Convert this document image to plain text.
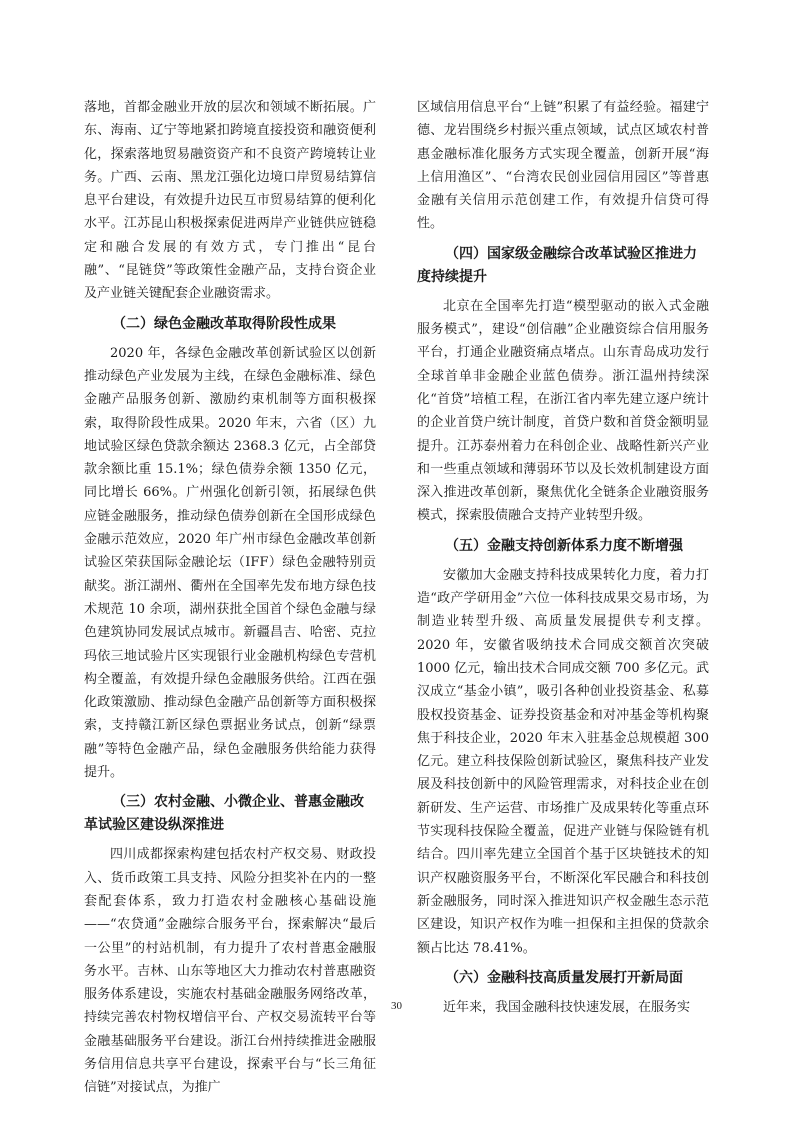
落地，首都金融业开放的层次和领域不断拓展。广东、海南、辽宁等地紧扣跨境直接投资和融资便利化，探索落地贸易融资资产和不良资产跨境转让业务。广西、云南、黑龙江强化边境口岸贸易结算信息平台建设，有效提升边民互市贸易结算的便利化水平。江苏昆山积极探索促进两岸产业链供应链稳定和融合发展的有效方式，专门推出“昆台融”、“昆链贷”等政策性金融产品，支持台资企业及产业链关键配套企业融资需求。

（二）绿色金融改革取得阶段性成果

2020 年，各绿色金融改革创新试验区以创新推动绿色产业发展为主线，在绿色金融标准、绿色金融产品服务创新、激励约束机制等方面积极探索，取得阶段性成果。2020 年末，六省（区）九地试验区绿色贷款余额达 2368.3 亿元，占全部贷款余额比重 15.1%；绿色债券余额 1350 亿元，同比增长 66%。广州强化创新引领，拓展绿色供应链金融服务，推动绿色债券创新在全国形成绿色金融示范效应，2020 年广州市绿色金融改革创新试验区荣获国际金融论坛（IFF）绿色金融特别贡献奖。浙江湖州、衢州在全国率先发布地方绿色技术规范 10 余项，湖州获批全国首个绿色金融与绿色建筑协同发展试点城市。新疆昌吉、哈密、克拉玛依三地试验片区实现银行业金融机构绿色专营机构全覆盖，有效提升绿色金融服务供给。江西在强化政策激励、推动绿色金融产品创新等方面积极探索，支持赣江新区绿色票据业务试点，创新“绿票融”等特色金融产品，绿色金融服务供给能力获得提升。

（三）农村金融、小微企业、普惠金融改革试验区建设纵深推进

四川成都探索构建包括农村产权交易、财政投入、货币政策工具支持、风险分担奖补在内的一整套配套体系，致力打造农村金融核心基础设施——“农贷通”金融综合服务平台，探索解决“最后一公里”的村站机制，有力提升了农村普惠金融服务水平。吉林、山东等地区大力推动农村普惠融资服务体系建设，实施农村基础金融服务网络改革，持续完善农村物权增信平台、产权交易流转平台等金融基础服务平台建设。浙江台州持续推进金融服务信用信息共享平台建设，探索平台与“长三角征信链”对接试点，为推广

区域信用信息平台“上链”积累了有益经验。福建宁德、龙岩围绕乡村振兴重点领域，试点区域农村普惠金融标准化服务方式实现全覆盖，创新开展“海上信用渔区”、“台湾农民创业园信用园区”等普惠金融有关信用示范创建工作，有效提升信贷可得性。

（四）国家级金融综合改革试验区推进力度持续提升

北京在全国率先打造“模型驱动的嵌入式金融服务模式”，建设“创信融”企业融资综合信用服务平台，打通企业融资痛点堵点。山东青岛成功发行全球首单非金融企业蓝色债券。浙江温州持续深化“首贷”培植工程，在浙江省内率先建立逐户统计的企业首贷户统计制度，首贷户数和首贷金额明显提升。江苏泰州着力在科创企业、战略性新兴产业和一些重点领域和薄弱环节以及长效机制建设方面深入推进改革创新，聚焦优化全链条企业融资服务模式，探索股债融合支持产业转型升级。

（五）金融支持创新体系力度不断增强

安徽加大金融支持科技成果转化力度，着力打造“政产学研用金”六位一体科技成果交易市场，为制造业转型升级、高质量发展提供专利支撑。2020 年，安徽省吸纳技术合同成交额首次突破 1000 亿元，输出技术合同成交额 700 多亿元。武汉成立“基金小镇”，吸引各种创业投资基金、私募股权投资基金、证券投资基金和对冲基金等机构聚焦于科技企业，2020 年末入驻基金总规模超 300 亿元。建立科技保险创新试验区，聚焦科技产业发展及科技创新中的风险管理需求，对科技企业在创新研发、生产运营、市场推广及成果转化等重点环节实现科技保险全覆盖，促进产业链与保险链有机结合。四川率先建立全国首个基于区块链技术的知识产权融资服务平台，不断深化军民融合和科技创新金融服务，同时深入推进知识产权金融生态示范区建设，知识产权作为唯一担保和主担保的贷款余额占比达 78.41%。

（六）金融科技高质量发展打开新局面

近年来，我国金融科技快速发展，在服务实

30
